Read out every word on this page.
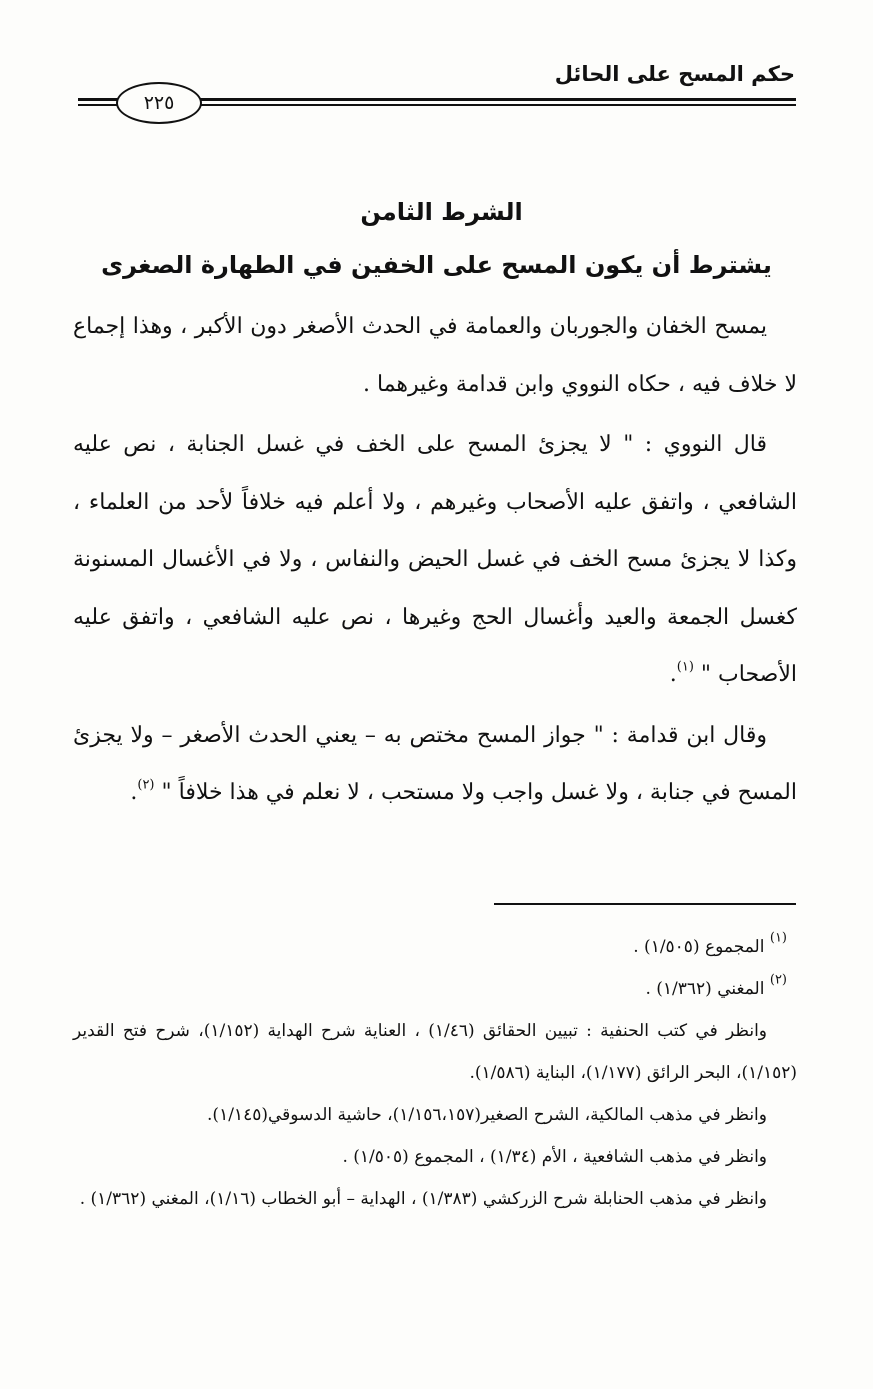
حكم المسح على الحائل
٢٢٥
الشرط الثامن
يشترط أن يكون المسح على الخفين في الطهارة الصغرى

يمسح الخفان والجوربان والعمامة في الحدث الأصغر دون الأكبر ، وهذا إجماع لا خلاف فيه ، حكاه النووي وابن قدامة وغيرهما .

قال النووي : " لا يجزئ المسح على الخف في غسل الجنابة ، نص عليه الشافعي ، واتفق عليه الأصحاب وغيرهم ، ولا أعلم فيه خلافاً لأحد من العلماء ، وكذا لا يجزئ مسح الخف في غسل الحيض والنفاس ، ولا في الأغسال المسنونة كغسل الجمعة والعيد وأغسال الحج وغيرها ، نص عليه الشافعي ، واتفق عليه الأصحاب " $^{(١)}$.

وقال ابن قدامة : " جواز المسح مختص به – يعني الحدث الأصغر – ولا يجزئ المسح في جنابة ، ولا غسل واجب ولا مستحب ، لا نعلم في هذا خلافاً " $^{(٢)}$.

$^{(١)}$ المجموع (١/٥٠٥) .

$^{(٢)}$ المغني (١/٣٦٢) .

وانظر في كتب الحنفية : تبيين الحقائق (١/٤٦) ، العناية شرح الهداية (١/١٥٢)، شرح فتح القدير (١/١٥٢)، البحر الرائق (١/١٧٧)، البناية (١/٥٨٦).

وانظر في مذهب المالكية، الشرح الصغير(١/١٥٦،١٥٧)، حاشية الدسوقي(١/١٤٥).

وانظر في مذهب الشافعية ، الأم (١/٣٤) ، المجموع (١/٥٠٥) .

وانظر في مذهب الحنابلة شرح الزركشي (١/٣٨٣) ، الهداية – أبو الخطاب (١/١٦)، المغني (١/٣٦٢) .
